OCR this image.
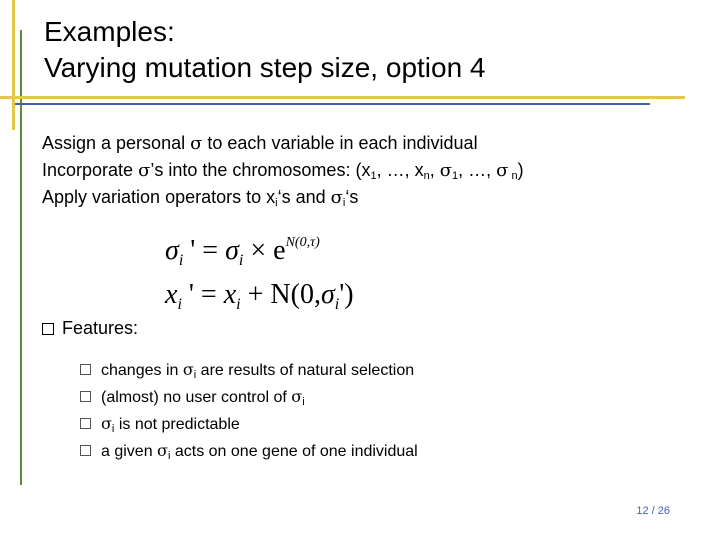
Examples:
Varying mutation step size, option 4
Assign a personal σ to each variable in each individual
Incorporate σ’s into the chromosomes: ($x_1$, …, $x_n$, $\sigma_1$, …, σ $_n$)
Apply variation operators to $x_i‘s$ and $\sigma_i‘s$
$\sigma_i$ ' = $\sigma_i \times e^{N(0,\tau)}$
$x_i$ ' = $x_i + N(0,\sigma_i')$
Features:
changes in $\sigma_i$ are results of natural selection
(almost) no user control of $\sigma_i$
$\sigma_i$ is not predictable
a given $\sigma_i$ acts on one gene of one individual
12 / 26
